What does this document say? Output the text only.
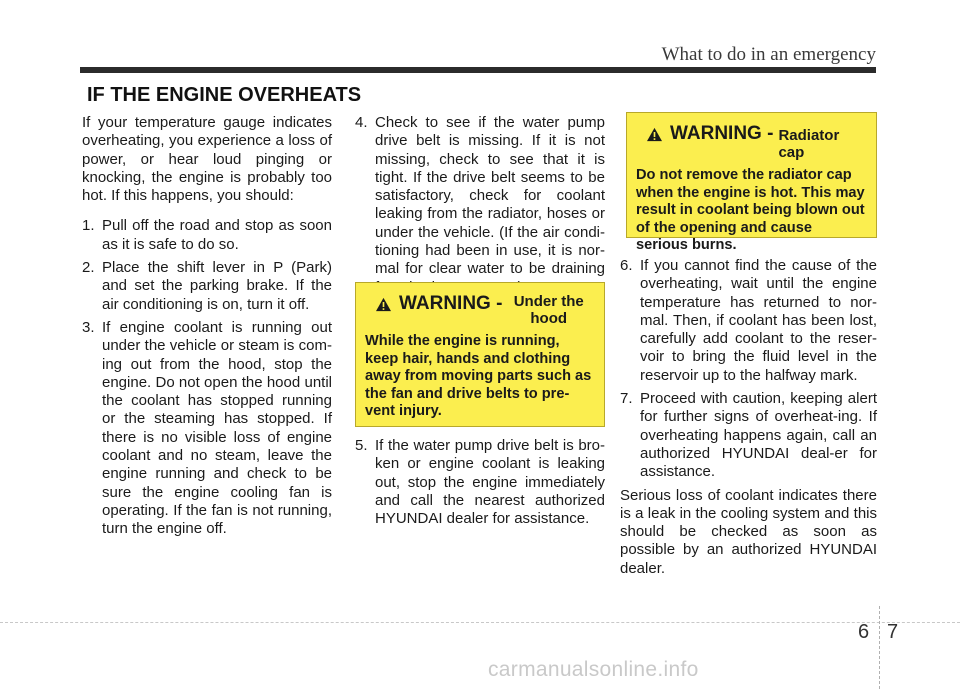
What to do in an emergency
IF THE ENGINE OVERHEATS

If your temperature gauge indicates overheating, you experience a loss of power, or hear loud pinging or knocking, the engine is probably too hot. If this happens, you should:

1. Pull off the road and stop as soon as it is safe to do so.
2. Place the shift lever in P (Park) and set the parking brake. If the air conditioning is on, turn it off.
3. If engine coolant is running out under the vehicle or steam is com-ing out from the hood, stop the engine. Do not open the hood until the coolant has stopped running or the steaming has stopped. If there is no visible loss of engine coolant and no steam, leave the engine running and check to be sure the engine cooling fan is operating. If the fan is not running, turn the engine off.
4. Check to see if the water pump drive belt is missing. If it is not missing, check to see that it is tight. If the drive belt seems to be satisfactory, check for coolant leaking from the radiator, hoses or under the vehicle. (If the air condi-tioning had been in use, it is nor-mal for clear water to be draining
5. If the water pump drive belt is bro-ken or engine coolant is leaking out, stop the engine immediately and call the nearest authorized HYUNDAI dealer for assistance.
WARNING - Under the hood

While the engine is running, keep hair, hands and clothing away from moving parts such as the fan and drive belts to pre-vent injury.

WARNING - Radiator cap

Do not remove the radiator cap when the engine is hot. This may result in coolant being blown out of the opening and cause serious burns.

6. If you cannot find the cause of the overheating, wait until the engine temperature has returned to nor-mal. Then, if coolant has been lost, carefully add coolant to the reser-voir to bring the fluid level in the reservoir up to the halfway mark.
7. Proceed with caution, keeping alert for further signs of overheat-ing. If overheating happens again, call an authorized HYUNDAI deal-er for assistance.

Serious loss of coolant indicates there is a leak in the cooling system and this should be checked as soon as possible by an authorized HYUNDAI dealer.

6 7
carmanualsonline.info
